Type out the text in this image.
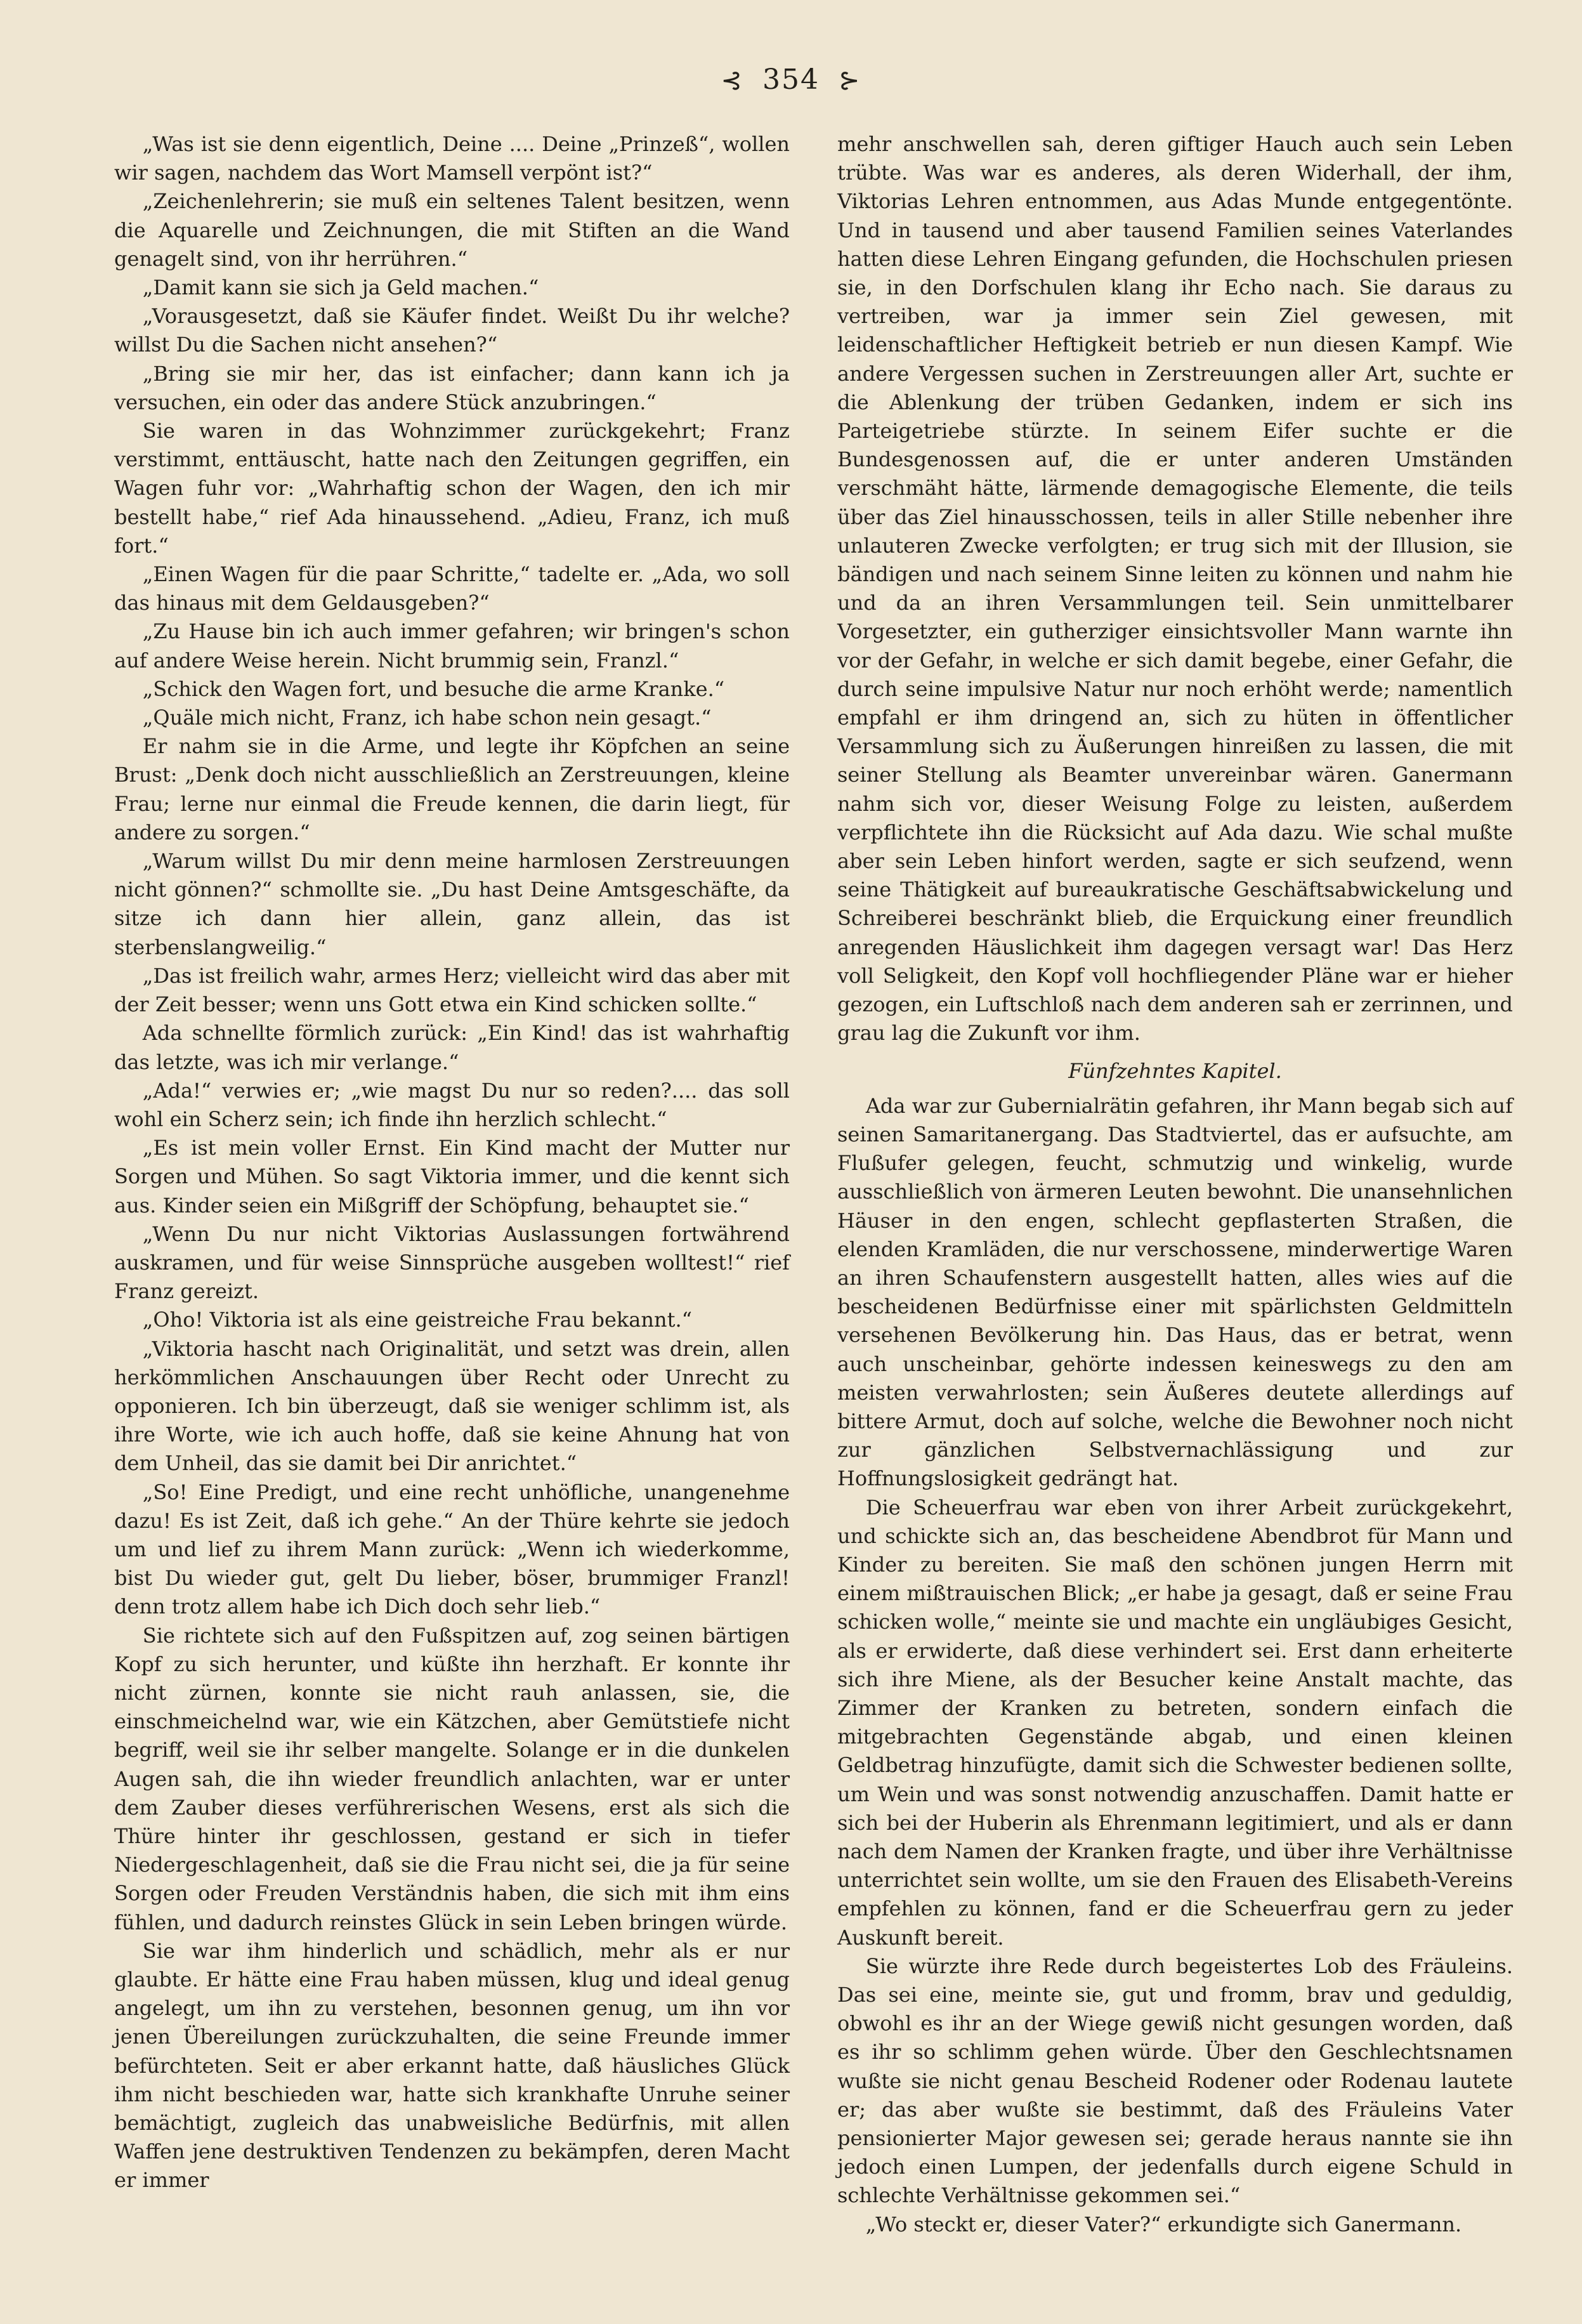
⊰ 354 ⊱

„Was ist sie denn eigentlich, Deine .... Deine „Prinzeß“, wollen wir sagen, nachdem das Wort Mamsell verpönt ist?“

„Zeichenlehrerin; sie muß ein seltenes Talent besitzen, wenn die Aquarelle und Zeichnungen, die mit Stiften an die Wand genagelt sind, von ihr herrühren.“

„Damit kann sie sich ja Geld machen.“

„Vorausgesetzt, daß sie Käufer findet. Weißt Du ihr welche? willst Du die Sachen nicht ansehen?“

„Bring sie mir her, das ist einfacher; dann kann ich ja versuchen, ein oder das andere Stück anzubringen.“

Sie waren in das Wohnzimmer zurückgekehrt; Franz verstimmt, enttäuscht, hatte nach den Zeitungen gegriffen, ein Wagen fuhr vor: „Wahrhaftig schon der Wagen, den ich mir bestellt habe,“ rief Ada hinaussehend. „Adieu, Franz, ich muß fort.“

„Einen Wagen für die paar Schritte,“ tadelte er. „Ada, wo soll das hinaus mit dem Geldausgeben?“

„Zu Hause bin ich auch immer gefahren; wir bringen's schon auf andere Weise herein. Nicht brummig sein, Franzl.“

„Schick den Wagen fort, und besuche die arme Kranke.“

„Quäle mich nicht, Franz, ich habe schon nein gesagt.“

Er nahm sie in die Arme, und legte ihr Köpfchen an seine Brust: „Denk doch nicht ausschließlich an Zerstreuungen, kleine Frau; lerne nur einmal die Freude kennen, die darin liegt, für andere zu sorgen.“

„Warum willst Du mir denn meine harmlosen Zerstreuungen nicht gönnen?“ schmollte sie. „Du hast Deine Amtsgeschäfte, da sitze ich dann hier allein, ganz allein, das ist sterbenslangweilig.“

„Das ist freilich wahr, armes Herz; vielleicht wird das aber mit der Zeit besser; wenn uns Gott etwa ein Kind schicken sollte.“

Ada schnellte förmlich zurück: „Ein Kind! das ist wahrhaftig das letzte, was ich mir verlange.“

„Ada!“ verwies er; „wie magst Du nur so reden?.... das soll wohl ein Scherz sein; ich finde ihn herzlich schlecht.“

„Es ist mein voller Ernst. Ein Kind macht der Mutter nur Sorgen und Mühen. So sagt Viktoria immer, und die kennt sich aus. Kinder seien ein Mißgriff der Schöpfung, behauptet sie.“

„Wenn Du nur nicht Viktorias Auslassungen fortwährend auskramen, und für weise Sinnsprüche ausgeben wolltest!“ rief Franz gereizt.

„Oho! Viktoria ist als eine geistreiche Frau bekannt.“

„Viktoria hascht nach Originalität, und setzt was drein, allen herkömmlichen Anschauungen über Recht oder Unrecht zu opponieren. Ich bin überzeugt, daß sie weniger schlimm ist, als ihre Worte, wie ich auch hoffe, daß sie keine Ahnung hat von dem Unheil, das sie damit bei Dir anrichtet.“

„So! Eine Predigt, und eine recht unhöfliche, unangenehme dazu! Es ist Zeit, daß ich gehe.“ An der Thüre kehrte sie jedoch um und lief zu ihrem Mann zurück: „Wenn ich wiederkomme, bist Du wieder gut, gelt Du lieber, böser, brummiger Franzl! denn trotz allem habe ich Dich doch sehr lieb.“

Sie richtete sich auf den Fußspitzen auf, zog seinen bärtigen Kopf zu sich herunter, und küßte ihn herzhaft. Er konnte ihr nicht zürnen, konnte sie nicht rauh anlassen, sie, die einschmeichelnd war, wie ein Kätzchen, aber Gemütstiefe nicht begriff, weil sie ihr selber mangelte. Solange er in die dunkelen Augen sah, die ihn wieder freundlich anlachten, war er unter dem Zauber dieses verführerischen Wesens, erst als sich die Thüre hinter ihr geschlossen, gestand er sich in tiefer Niedergeschlagenheit, daß sie die Frau nicht sei, die ja für seine Sorgen oder Freuden Verständnis haben, die sich mit ihm eins fühlen, und dadurch reinstes Glück in sein Leben bringen würde.

Sie war ihm hinderlich und schädlich, mehr als er nur glaubte. Er hätte eine Frau haben müssen, klug und ideal genug angelegt, um ihn zu verstehen, besonnen genug, um ihn vor jenen Übereilungen zurückzuhalten, die seine Freunde immer befürchteten. Seit er aber erkannt hatte, daß häusliches Glück ihm nicht beschieden war, hatte sich krankhafte Unruhe seiner bemächtigt, zugleich das unabweisliche Bedürfnis, mit allen Waffen jene destruktiven Tendenzen zu bekämpfen, deren Macht er immer

mehr anschwellen sah, deren giftiger Hauch auch sein Leben trübte. Was war es anderes, als deren Widerhall, der ihm, Viktorias Lehren entnommen, aus Adas Munde entgegentönte. Und in tausend und aber tausend Familien seines Vaterlandes hatten diese Lehren Eingang gefunden, die Hochschulen priesen sie, in den Dorfschulen klang ihr Echo nach. Sie daraus zu vertreiben, war ja immer sein Ziel gewesen, mit leidenschaftlicher Heftigkeit betrieb er nun diesen Kampf. Wie andere Vergessen suchen in Zerstreuungen aller Art, suchte er die Ablenkung der trüben Gedanken, indem er sich ins Parteigetriebe stürzte. In seinem Eifer suchte er die Bundesgenossen auf, die er unter anderen Umständen verschmäht hätte, lärmende demagogische Elemente, die teils über das Ziel hinausschossen, teils in aller Stille nebenher ihre unlauteren Zwecke verfolgten; er trug sich mit der Illusion, sie bändigen und nach seinem Sinne leiten zu können und nahm hie und da an ihren Versammlungen teil. Sein unmittelbarer Vorgesetzter, ein gutherziger einsichtsvoller Mann warnte ihn vor der Gefahr, in welche er sich damit begebe, einer Gefahr, die durch seine impulsive Natur nur noch erhöht werde; namentlich empfahl er ihm dringend an, sich zu hüten in öffentlicher Versammlung sich zu Äußerungen hinreißen zu lassen, die mit seiner Stellung als Beamter unvereinbar wären. Ganermann nahm sich vor, dieser Weisung Folge zu leisten, außerdem verpflichtete ihn die Rücksicht auf Ada dazu. Wie schal mußte aber sein Leben hinfort werden, sagte er sich seufzend, wenn seine Thätigkeit auf bureaukratische Geschäftsabwickelung und Schreiberei beschränkt blieb, die Erquickung einer freundlich anregenden Häuslichkeit ihm dagegen versagt war! Das Herz voll Seligkeit, den Kopf voll hochfliegender Pläne war er hieher gezogen, ein Luftschloß nach dem anderen sah er zerrinnen, und grau lag die Zukunft vor ihm.

Fünfzehntes Kapitel.

Ada war zur Gubernialrätin gefahren, ihr Mann begab sich auf seinen Samaritanergang. Das Stadtviertel, das er aufsuchte, am Flußufer gelegen, feucht, schmutzig und winkelig, wurde ausschließlich von ärmeren Leuten bewohnt. Die unansehnlichen Häuser in den engen, schlecht gepflasterten Straßen, die elenden Kramläden, die nur verschossene, minderwertige Waren an ihren Schaufenstern ausgestellt hatten, alles wies auf die bescheidenen Bedürfnisse einer mit spärlichsten Geldmitteln versehenen Bevölkerung hin. Das Haus, das er betrat, wenn auch unscheinbar, gehörte indessen keineswegs zu den am meisten verwahrlosten; sein Äußeres deutete allerdings auf bittere Armut, doch auf solche, welche die Bewohner noch nicht zur gänzlichen Selbstvernachlässigung und zur Hoffnungslosigkeit gedrängt hat.

Die Scheuerfrau war eben von ihrer Arbeit zurückgekehrt, und schickte sich an, das bescheidene Abendbrot für Mann und Kinder zu bereiten. Sie maß den schönen jungen Herrn mit einem mißtrauischen Blick; „er habe ja gesagt, daß er seine Frau schicken wolle,“ meinte sie und machte ein ungläubiges Gesicht, als er erwiderte, daß diese verhindert sei. Erst dann erheiterte sich ihre Miene, als der Besucher keine Anstalt machte, das Zimmer der Kranken zu betreten, sondern einfach die mitgebrachten Gegenstände abgab, und einen kleinen Geldbetrag hinzufügte, damit sich die Schwester bedienen sollte, um Wein und was sonst notwendig anzuschaffen. Damit hatte er sich bei der Huberin als Ehrenmann legitimiert, und als er dann nach dem Namen der Kranken fragte, und über ihre Verhältnisse unterrichtet sein wollte, um sie den Frauen des Elisabeth-Vereins empfehlen zu können, fand er die Scheuerfrau gern zu jeder Auskunft bereit.

Sie würzte ihre Rede durch begeistertes Lob des Fräuleins. Das sei eine, meinte sie, gut und fromm, brav und geduldig, obwohl es ihr an der Wiege gewiß nicht gesungen worden, daß es ihr so schlimm gehen würde. Über den Geschlechtsnamen wußte sie nicht genau Bescheid Rodener oder Rodenau lautete er; das aber wußte sie bestimmt, daß des Fräuleins Vater pensionierter Major gewesen sei; gerade heraus nannte sie ihn jedoch einen Lumpen, der jedenfalls durch eigene Schuld in schlechte Verhältnisse gekommen sei.“

„Wo steckt er, dieser Vater?“ erkundigte sich Ganermann.
